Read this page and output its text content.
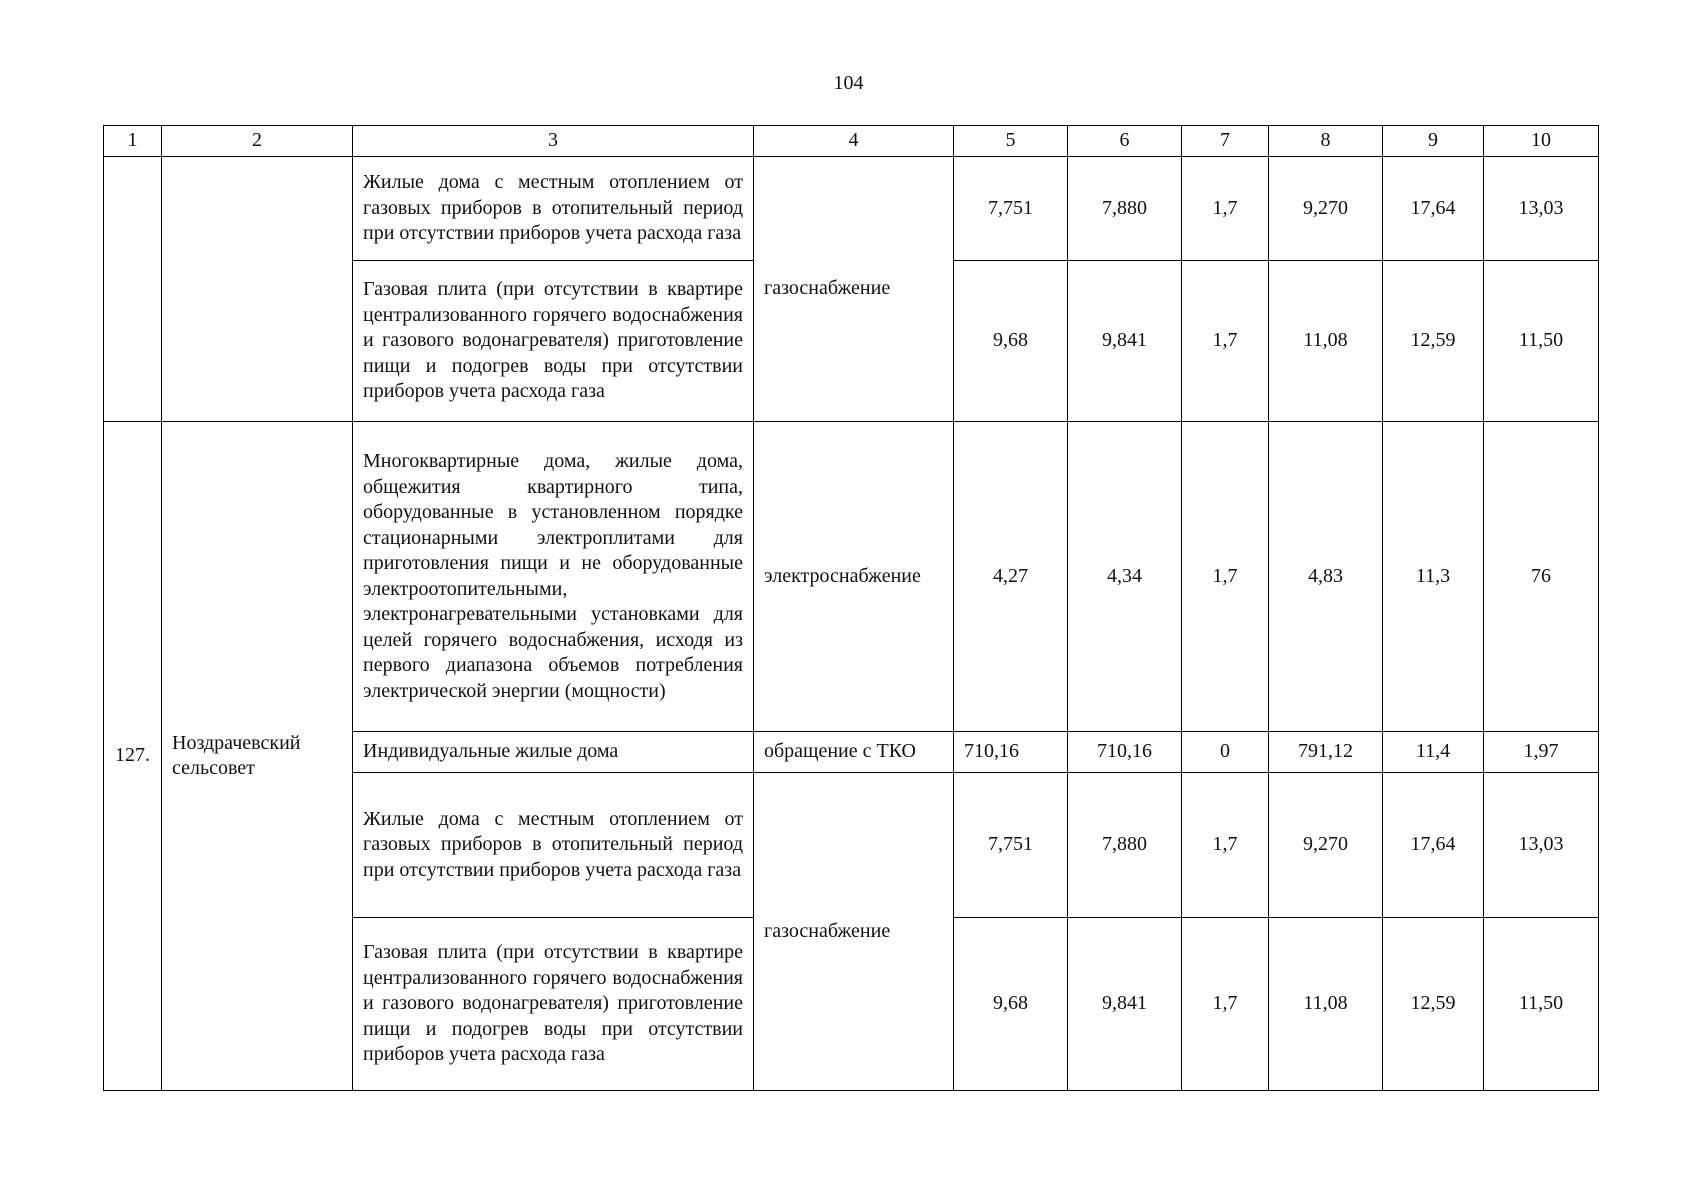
104
1	2	3	4	5	6	7	8	9	10
		Жилые дома с местным отоплением от газовых приборов в отопительный период при отсутствии приборов учета расхода газа	газоснабжение	7,751	7,880	1,7	9,270	17,64	13,03
		Газовая плита (при отсутствии в квартире централизованного горячего водоснабжения и газового водонагревателя) приготовление пищи и подогрев воды при отсутствии приборов учета расхода газа		9,68	9,841	1,7	11,08	12,59	11,50
127.	Ноздрачевский сельсовет	Многоквартирные дома, жилые дома, общежития квартирного типа, оборудованные в установленном порядке стационарными электроплитами для приготовления пищи и не оборудованные электроотопительными, электронагревательными установками для целей горячего водоснабжения, исходя из первого диапазона объемов потребления электрической энергии (мощности)	электроснабжение	4,27	4,34	1,7	4,83	11,3	76
		Индивидуальные жилые дома	обращение с ТКО	710,16	710,16	0	791,12	11,4	1,97
		Жилые дома с местным отоплением от газовых приборов в отопительный период при отсутствии приборов учета расхода газа	газоснабжение	7,751	7,880	1,7	9,270	17,64	13,03
		Газовая плита (при отсутствии в квартире централизованного горячего водоснабжения и газового водонагревателя) приготовление пищи и подогрев воды при отсутствии приборов учета расхода газа		9,68	9,841	1,7	11,08	12,59	11,50
